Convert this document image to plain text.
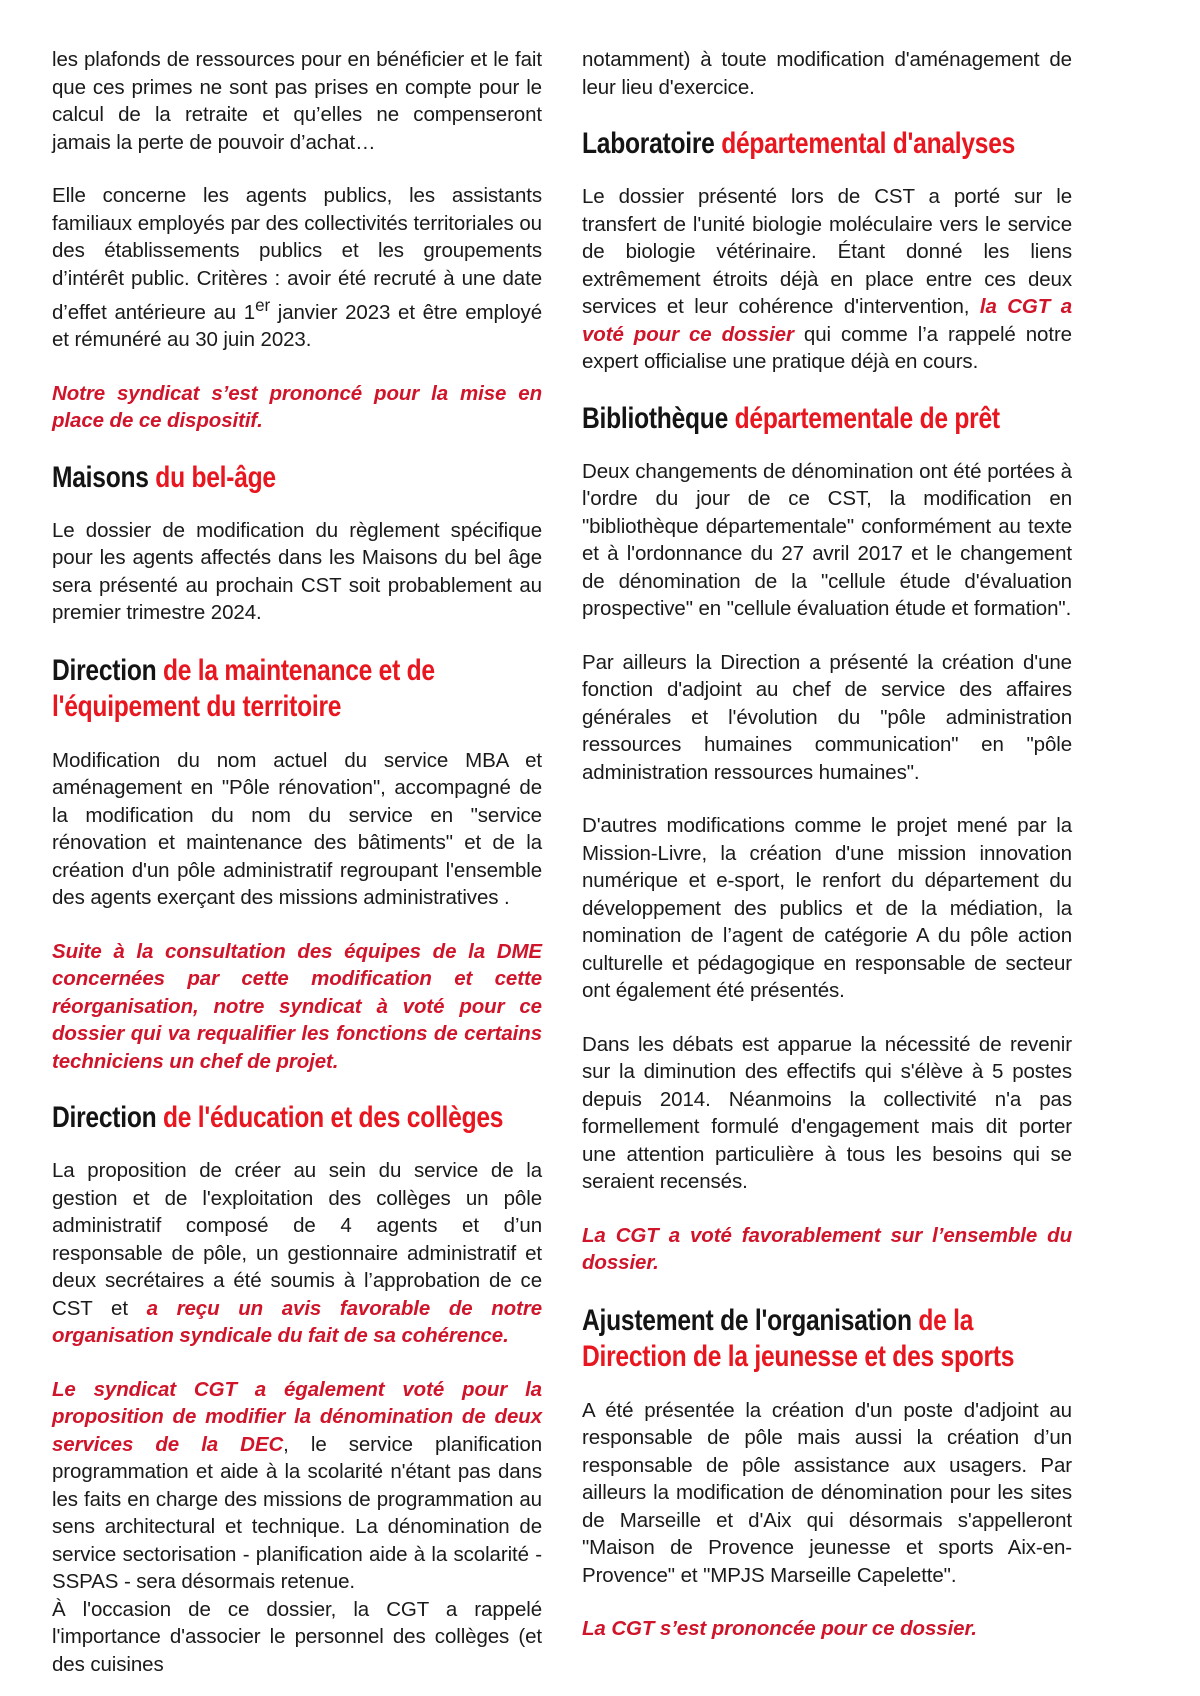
les plafonds de ressources pour en bénéficier et le fait que ces primes ne sont pas prises en compte pour le calcul de la retraite et qu’elles ne compenseront jamais la perte de pouvoir d’achat…

Elle concerne les agents publics, les assistants familiaux employés par des collectivités territoriales ou des établissements publics et les groupements d’intérêt public. Critères : avoir été recruté à une date d’effet antérieure au 1er janvier 2023 et être employé et rémunéré au 30 juin 2023.

Notre syndicat s’est prononcé pour la mise en place de ce dispositif.

Maisons du bel-âge

Le dossier de modification du règlement spécifique pour les agents affectés dans les Maisons du bel âge sera présenté au prochain CST soit probablement au premier trimestre 2024.

Direction de la maintenance et de l'équipement du territoire

Modification du nom actuel du service MBA et aménagement en "Pôle rénovation", accompagné de la modification du nom du service en "service rénovation et maintenance des bâtiments" et de la création d'un pôle administratif regroupant l'ensemble des agents exerçant des missions administratives .

Suite à la consultation des équipes de la DME concernées par cette modification et cette réorganisation, notre syndicat à voté pour ce dossier qui va requalifier les fonctions de certains techniciens un chef de projet.

Direction de l'éducation et des collèges

La proposition de créer au sein du service de la gestion et de l'exploitation des collèges un pôle administratif composé de 4 agents et d’un responsable de pôle, un gestionnaire administratif et deux secrétaires a été soumis à l’approbation de ce CST et a reçu un avis favorable de notre organisation syndicale du fait de sa cohérence.

Le syndicat CGT a également voté pour la proposition de modifier la dénomination de deux services de la DEC, le service planification programmation et aide à la scolarité n'étant pas dans les faits en charge des missions de programmation au sens architectural et technique. La dénomination de service sectorisation - planification aide à la scolarité - SSPAS - sera désormais retenue.

À l'occasion de ce dossier, la CGT a rappelé l'importance d'associer le personnel des collèges (et des cuisines

notamment) à toute modification d'aménagement de leur lieu d'exercice.

Laboratoire départemental d'analyses

Le dossier présenté lors de CST a porté sur le transfert de l'unité biologie moléculaire vers le service de biologie vétérinaire. Étant donné les liens extrêmement étroits déjà en place entre ces deux services et leur cohérence d'intervention, la CGT a voté pour ce dossier qui comme l’a rappelé notre expert officialise une pratique déjà en cours.

Bibliothèque départementale de prêt

Deux changements de dénomination ont été portées à l'ordre du jour de ce CST, la modification en "bibliothèque départementale" conformément au texte et à l'ordonnance du 27 avril 2017 et le changement de dénomination de la "cellule étude d'évaluation prospective" en "cellule évaluation étude et formation".

Par ailleurs la Direction a présenté la création d'une fonction d'adjoint au chef de service des affaires générales et l'évolution du "pôle administration ressources humaines communication" en "pôle administration ressources humaines".

D'autres modifications comme le projet mené par la Mission-Livre, la création d'une mission innovation numérique et e-sport, le renfort du département du développement des publics et de la médiation, la nomination de l’agent de catégorie A du pôle action culturelle et pédagogique en responsable de secteur ont également été présentés.

Dans les débats est apparue la nécessité de revenir sur la diminution des effectifs qui s'élève à 5 postes depuis 2014. Néanmoins la collectivité n'a pas formellement formulé d'engagement mais dit porter une attention particulière à tous les besoins qui se seraient recensés.

La CGT a voté favorablement sur l’ensemble du dossier.

Ajustement de l'organisation de la Direction de la jeunesse et des sports

A été présentée la création d'un poste d'adjoint au responsable de pôle mais aussi la création d’un responsable de pôle assistance aux usagers. Par ailleurs la modification de dénomination pour les sites de Marseille et d'Aix qui désormais s'appelleront "Maison de Provence jeunesse et sports Aix-en-Provence" et "MPJS Marseille Capelette".

La CGT s’est prononcée pour ce dossier.
